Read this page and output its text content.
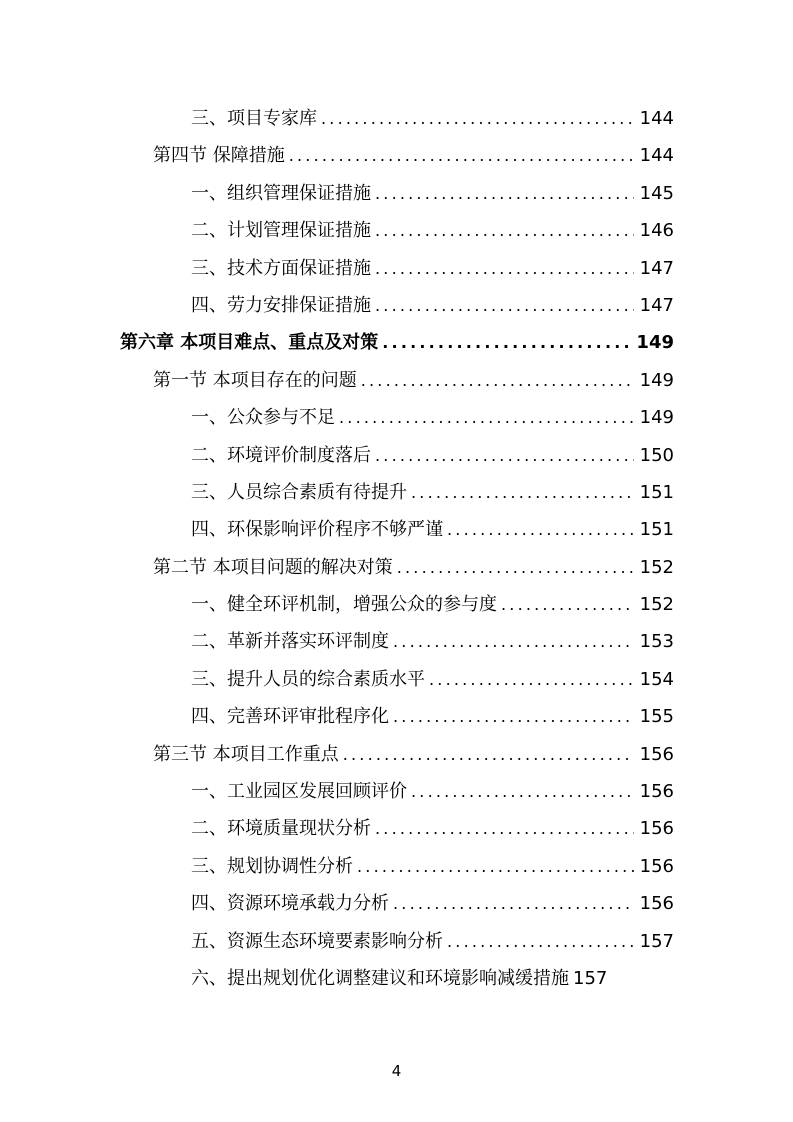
三、项目专家库 .....	144
第四节 保障措施 .....	144
一、组织管理保证措施 .....	145
二、计划管理保证措施 .....	146
三、技术方面保证措施 .....	147
四、劳力安排保证措施 .....	147
第六章 本项目难点、重点及对策 .....	149
第一节 本项目存在的问题 .....	149
一、公众参与不足 .....	149
二、环境评价制度落后 .....	150
三、人员综合素质有待提升 .....	151
四、环保影响评价程序不够严谨 .....	151
第二节 本项目问题的解决对策 .....	152
一、健全环评机制，增强公众的参与度 .....	152
二、革新并落实环评制度 .....	153
三、提升人员的综合素质水平 .....	154
四、完善环评审批程序化 .....	155
第三节 本项目工作重点 .....	156
一、工业园区发展回顾评价 .....	156
二、环境质量现状分析 .....	156
三、规划协调性分析 .....	156
四、资源环境承载力分析 .....	156
五、资源生态环境要素影响分析 .....	157
六、提出规划优化调整建议和环境影响减缓措施 157
4
